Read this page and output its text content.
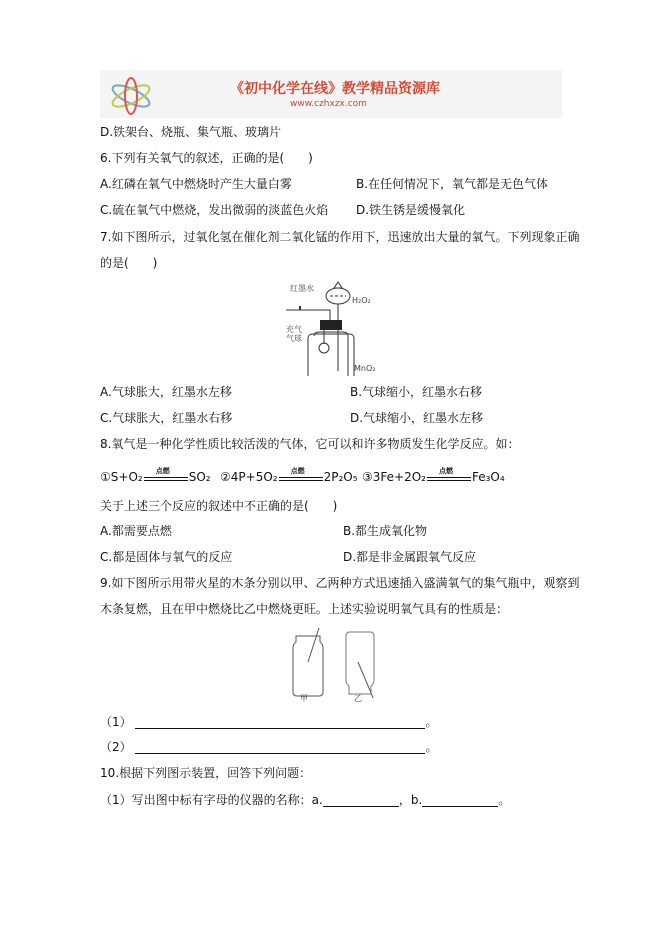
《初中化学在线》教学精品资源库
www.czhxzx.com
D.铁架台、烧瓶、集气瓶、玻璃片
6.下列有关氧气的叙述，正确的是(　　)
A.红磷在氧气中燃烧时产生大量白雾	B.在任何情况下，氧气都是无色气体
C.硫在氧气中燃烧，发出微弱的淡蓝色火焰 D.铁生锈是缓慢氧化
7.如下图所示，过氧化氢在催化剂二氧化锰的作用下，迅速放出大量的氧气。下列现象正确
的是(　　)
红墨水
H₂O₂
充气气球
MnO₂
A.气球胀大，红墨水左移	B.气球缩小，红墨水右移
C.气球胀大，红墨水右移	D.气球缩小，红墨水左移
8.氧气是一种化学性质比较活泼的气体，它可以和许多物质发生化学反应。如：
①S+O₂ 点燃 SO₂ ②4P+5O₂ 点燃 2P₂O₅ ③3Fe+2O₂ 点燃 Fe₃O₄
关于上述三个反应的叙述中不正确的是(　　)
A.都需要点燃	B.都生成氧化物
C.都是固体与氧气的反应	D.都是非金属跟氧气反应
9.如下图所示用带火星的木条分别以甲、乙两种方式迅速插入盛满氧气的集气瓶中，观察到
木条复燃，且在甲中燃烧比乙中燃烧更旺。上述实验说明氧气具有的性质是：
甲	乙
（1）	。
（2）	。
10.根据下列图示装置，回答下列问题：
（1）写出图中标有字母的仪器的名称：a.	，b.	。
